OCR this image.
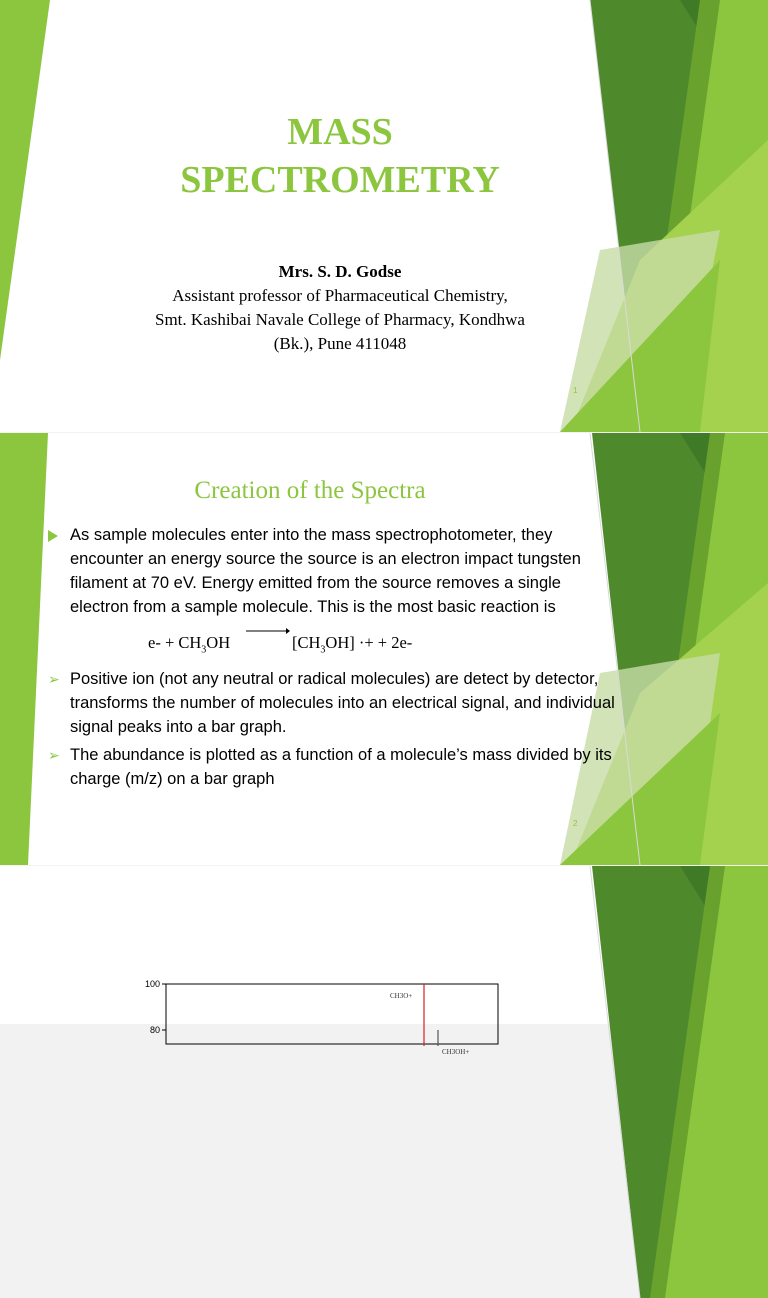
MASS
SPECTROMETRY
Mrs. S. D. Godse
Assistant professor of Pharmaceutical Chemistry,
Smt. Kashibai Navale College of Pharmacy, Kondhwa
(Bk.), Pune 411048
1
Creation of the Spectra
As sample molecules enter into the mass spectrophotometer, they encounter an energy source the source is an electron impact tungsten filament at 70 eV. Energy emitted from the source removes a single electron from a sample molecule. This is the most basic reaction is
$e- + CH_3OH$	$[CH_3OH]$ ·+ + 2e-
➢ Positive ion (not any neutral or radical molecules) are detect by detector, transforms the number of molecules into an electrical signal, and individual signal peaks into a bar graph.
➢ The abundance is plotted as a function of a molecule’s mass divided by its charge (m/z) on a bar graph
2
100
80
CH3O+
CH3OH+
